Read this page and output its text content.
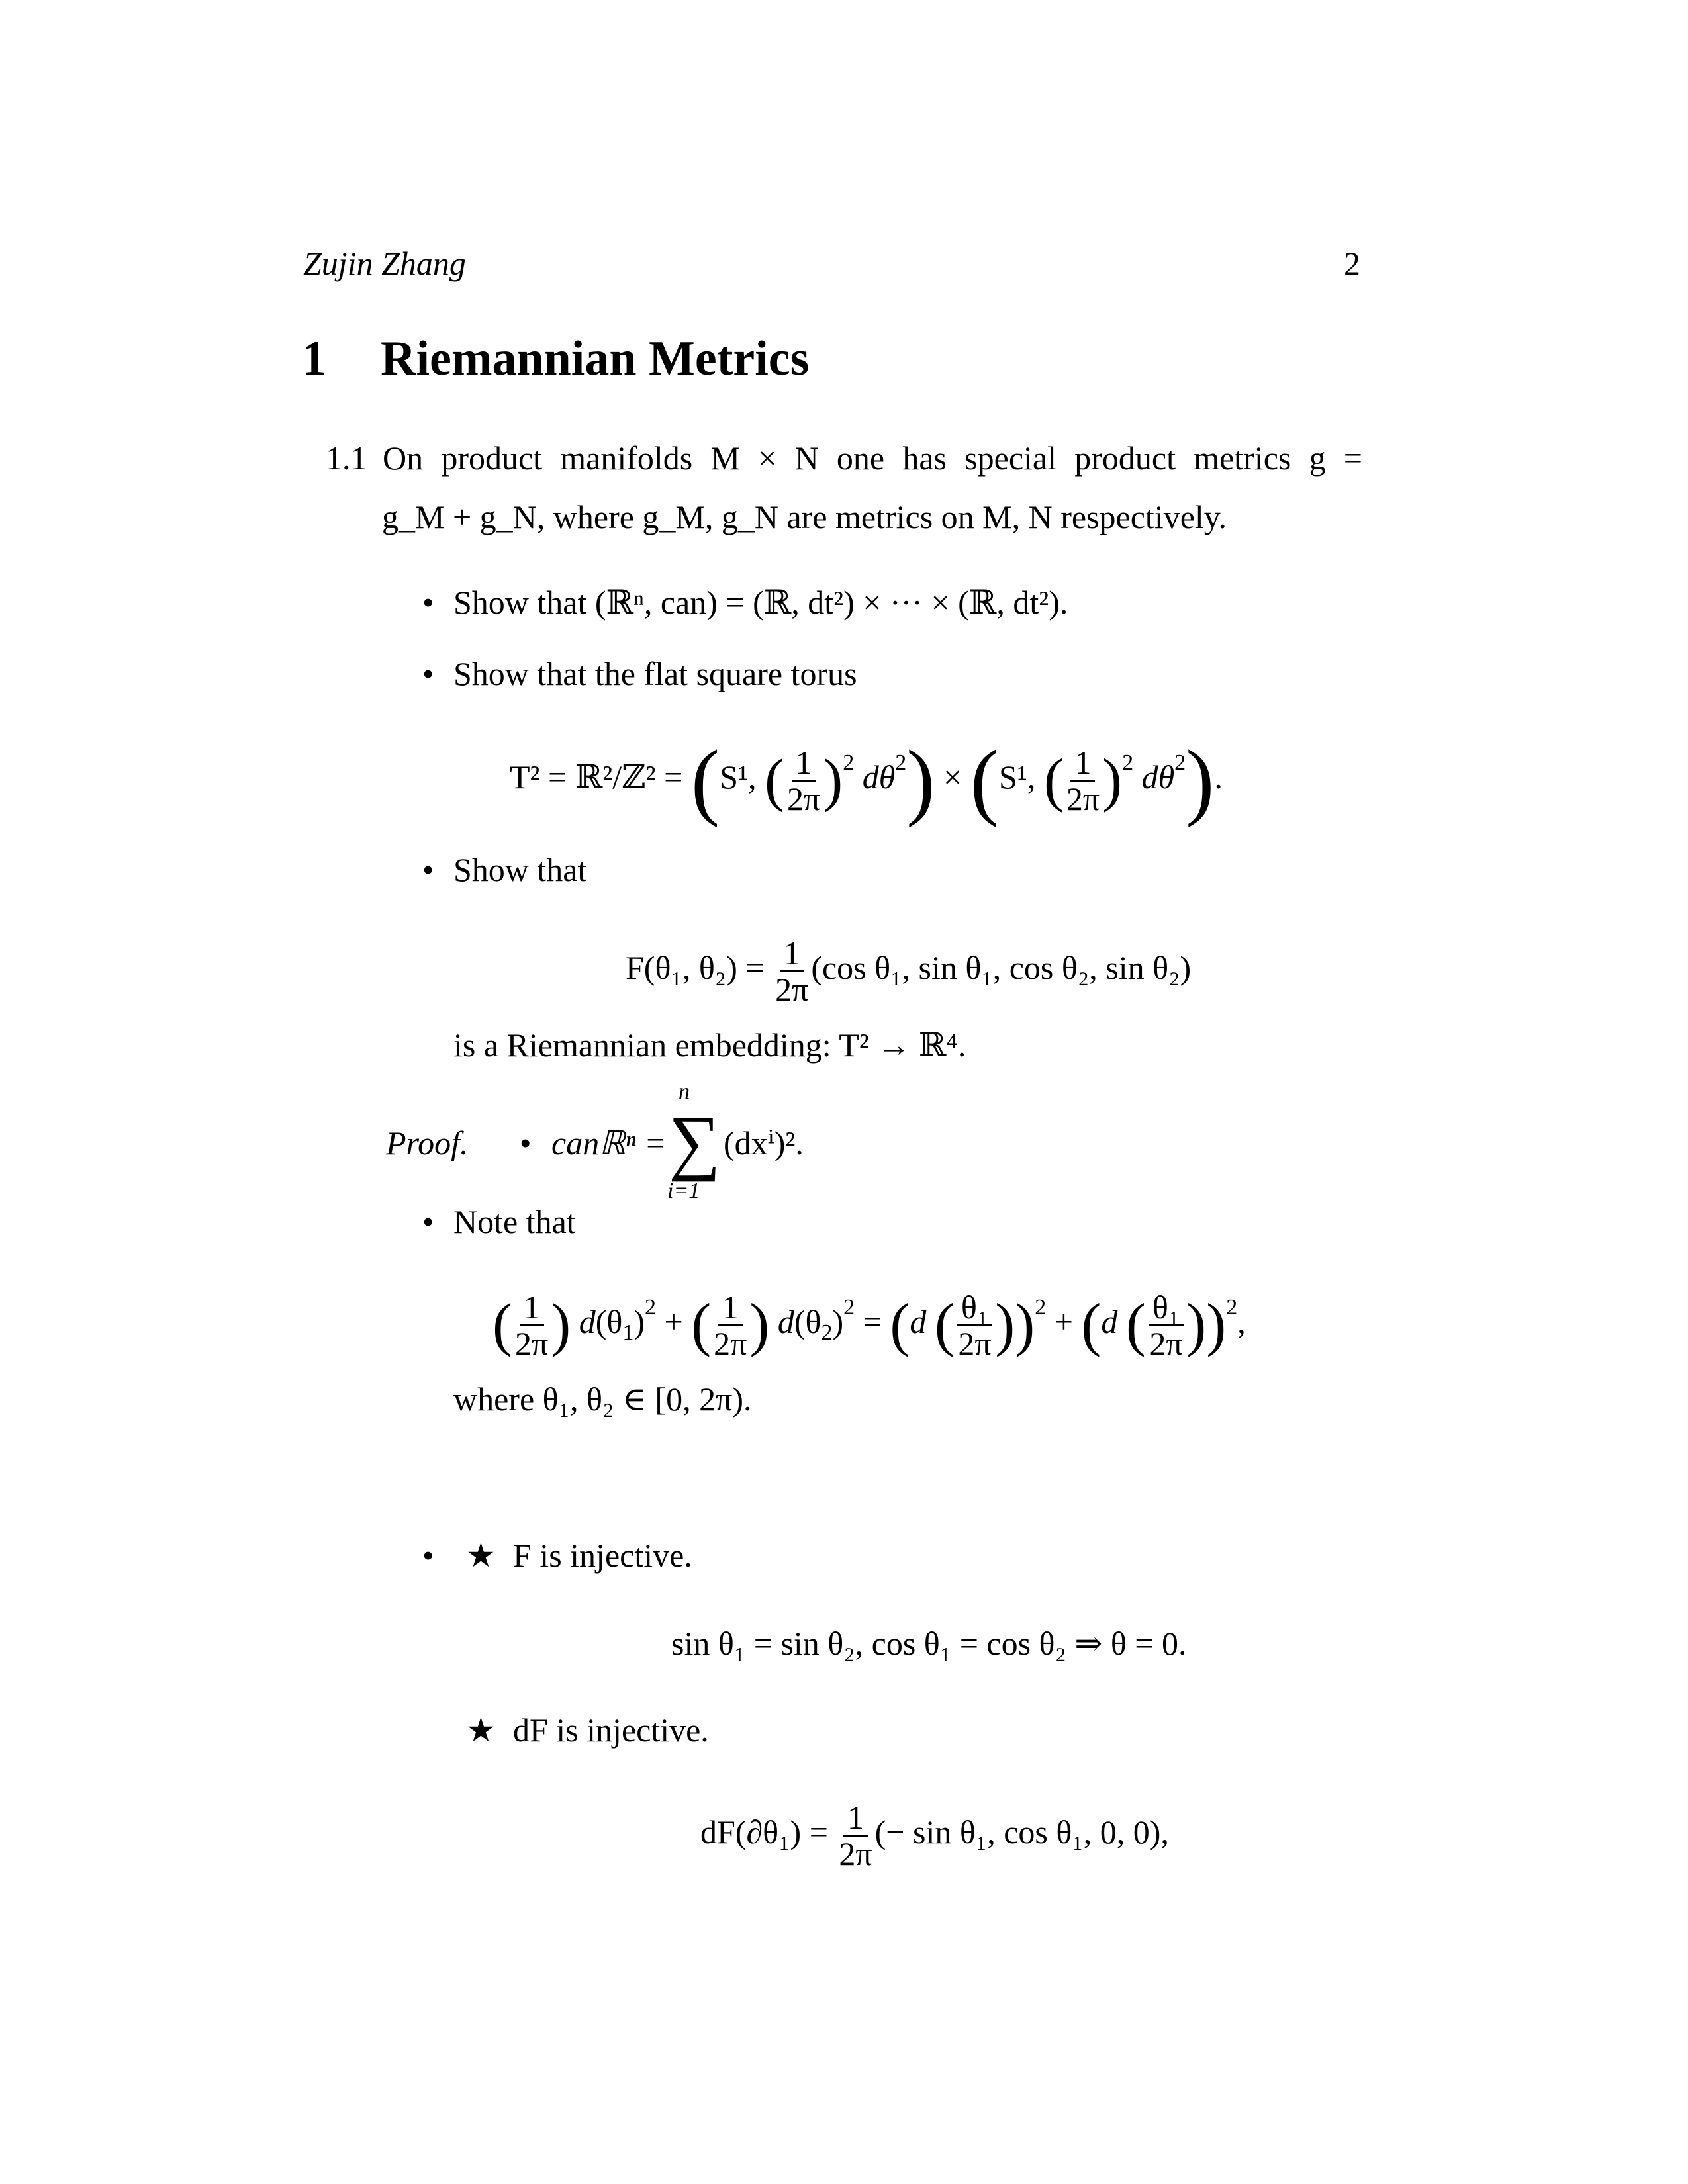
Zujin Zhang	2
1 Riemannian Metrics
1.1 On product manifolds M × N one has special product metrics g =
g_M + g_N, where g_M, g_N are metrics on M, N respectively.
• Show that (ℝⁿ, can) = (ℝ, dt²) × ··· × (ℝ, dt²).
• Show that the flat square torus
T² = ℝ²/ℤ² = (S¹, ( $\frac{1}{2\pi} )^2$ $d\theta^2) \times (S^1$, ( $\frac{1}{2\pi} )^2$ $d\theta^2$).
• Show that
F(θ₁, $\theta_2) = \frac{1}{2\pi} (\cos$ θ₁, sin θ₁, cos θ₂, sin θ₂)
is a Riemannian embedding: T² → ℝ⁴.
Proof. • canℝⁿ = ∑
n
i=1
(dxⁱ)².
• Note that
( $\frac{1}{2\pi}$ ) $d(\theta_1)^2$ + ( $\frac{1}{2\pi}$ ) $d(\theta_2)^2 = (d$ ( $\frac{\text{θ₁}}{2\pi} ))^2 + (d$ ( $\frac{\text{θ₁}}{2\pi} ))^2$,
where θ₁, θ₂ ∈ [0, 2π).
• ★ F is injective.
sin θ₁ = sin θ₂, cos θ₁ = cos θ₂ ⇒ θ = 0.
★ dF is injective.
$dF(\partial\theta_1) = \frac{1}{2\pi}$ (− sin θ₁, cos θ₁, 0, 0),
